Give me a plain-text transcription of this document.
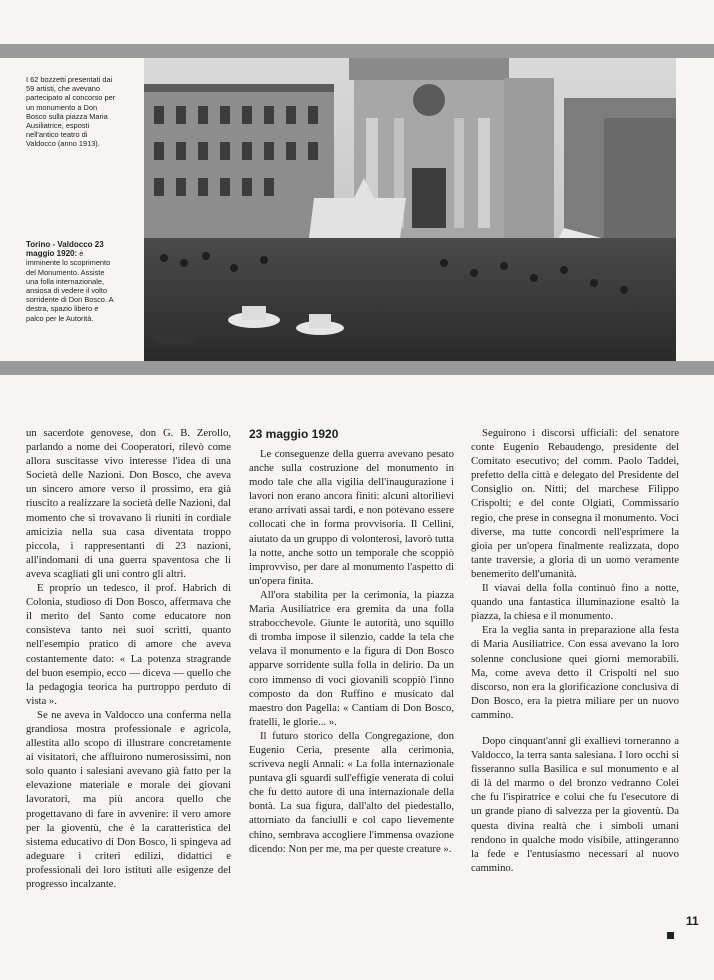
I 62 bozzetti presentati dai 59 artisti, che avevano partecipato al concorso per un monumento a Don Bosco sulla piazza Maria Ausiliatrice, esposti nell'antico teatro di Valdocco (anno 1913).
Torino - Valdocco 23 maggio 1920: è imminente lo scoprimento del Monumento. Assiste una folla internazionale, ansiosa di vedere il volto sorridente di Don Bosco. A destra, spazio libero e palco per le Autorità.

un sacerdote genovese, don G. B. Zerollo, parlando a nome dei Cooperatori, rilevò come allora suscitasse vivo interesse l'idea di una Società delle Nazioni. Don Bosco, che aveva un sincero amore verso il prossimo, era già riuscito a realizzare la società delle Nazioni, dal momento che si trovavano lì riuniti in cordiale amicizia nella sua casa diventata troppo piccola, i rappresentanti di 23 nazioni, all'indomani di una guerra spaventosa che li aveva scagliati gli uni contro gli altri.

E proprio un tedesco, il prof. Habrich di Colonia, studioso di Don Bosco, affermava che il merito del Santo come educatore non consisteva tanto nei suoi scritti, quanto nell'esempio pratico di amore che aveva costantemente dato: « La potenza stragrande del buon esempio, ecco — diceva — quello che la pedagogia teorica ha purtroppo perduto di vista ».

Se ne aveva in Valdocco una conferma nella grandiosa mostra professionale e agricola, allestita allo scopo di illustrare concretamente ai visitatori, che affluirono numerosissimi, non solo quanto i salesiani avevano già fatto per la elevazione materiale e morale dei giovani lavoratori, ma più ancora quello che progettavano di fare in avvenire: il vero amore per la gioventù, che è la caratteristica del sistema educativo di Don Bosco, li spingeva ad adeguare i criteri edilizi, didattici e professionali dei loro istituti alle esigenze del progresso incalzante.

23 maggio 1920

Le conseguenze della guerra avevano pesato anche sulla costruzione del monumento in modo tale che alla vigilia dell'inaugurazione i lavori non erano ancora finiti: alcuni altorilievi erano arrivati assai tardi, e non potevano essere collocati che in forma provvisoria. Il Cellini, aiutato da un gruppo di volonterosi, lavorò tutta la notte, anche sotto un temporale che scoppiò improvviso, per dare al monumento l'aspetto di un'opera finita.

All'ora stabilita per la cerimonia, la piazza Maria Ausiliatrice era gremita da una folla strabocchevole. Giunte le autorità, uno squillo di tromba impose il silenzio, cadde la tela che velava il monumento e la figura di Don Bosco apparve sorridente sulla folla in delirio. Da un coro immenso di voci giovanili scoppiò l'inno composto da don Ruffino e musicato dal maestro don Pagella: « Cantiam di Don Bosco, fratelli, le glorie... ».

Il futuro storico della Congregazione, don Eugenio Ceria, presente alla cerimonia, scriveva negli Annali: « La folla internazionale puntava gli sguardi sull'effigie venerata di colui che fu detto autore di una internazionale della bontà. La sua figura, dall'alto del piedestallo, attorniato da fanciulli e col capo lievemente chino, sembrava accogliere l'immensa ovazione dicendo: Non per me, ma per queste creature ».

Seguirono i discorsi ufficiali: del senatore conte Eugenio Rebaudengo, presidente del Comitato esecutivo; del comm. Paolo Taddei, prefetto della città e delegato del Presidente del Consiglio on. Nitti; del marchese Filippo Crispolti; e del conte Olgiati, Commissario regio, che prese in consegna il monumento. Voci diverse, ma tutte concordi nell'esprimere la gioia per un'opera finalmente realizzata, dopo tante traversie, a gloria di un uomo veramente benemerito dell'umanità.

Il viavai della folla continuò fino a notte, quando una fantastica illuminazione esaltò la piazza, la chiesa e il monumento.

Era la veglia santa in preparazione alla festa di Maria Ausiliatrice. Con essa avevano la loro solenne conclusione quei giorni memorabili. Ma, come aveva detto il Crispolti nel suo discorso, non era la glorificazione conclusiva di Don Bosco, era la pietra miliare per un nuovo cammino.

Dopo cinquant'anni gli exallievi torneranno a Valdocco, la terra santa salesiana. I loro occhi si fisseranno sulla Basilica e sul monumento e al di là del marmo o del bronzo vedranno Colei che fu l'ispiratrice e colui che fu l'esecutore di un grande piano di salvezza per la gioventù. Da questa divina realtà che i simboli umani rendono in qualche modo visibile, attingeranno la fede e l'entusiasmo necessari al nuovo cammino.

11
